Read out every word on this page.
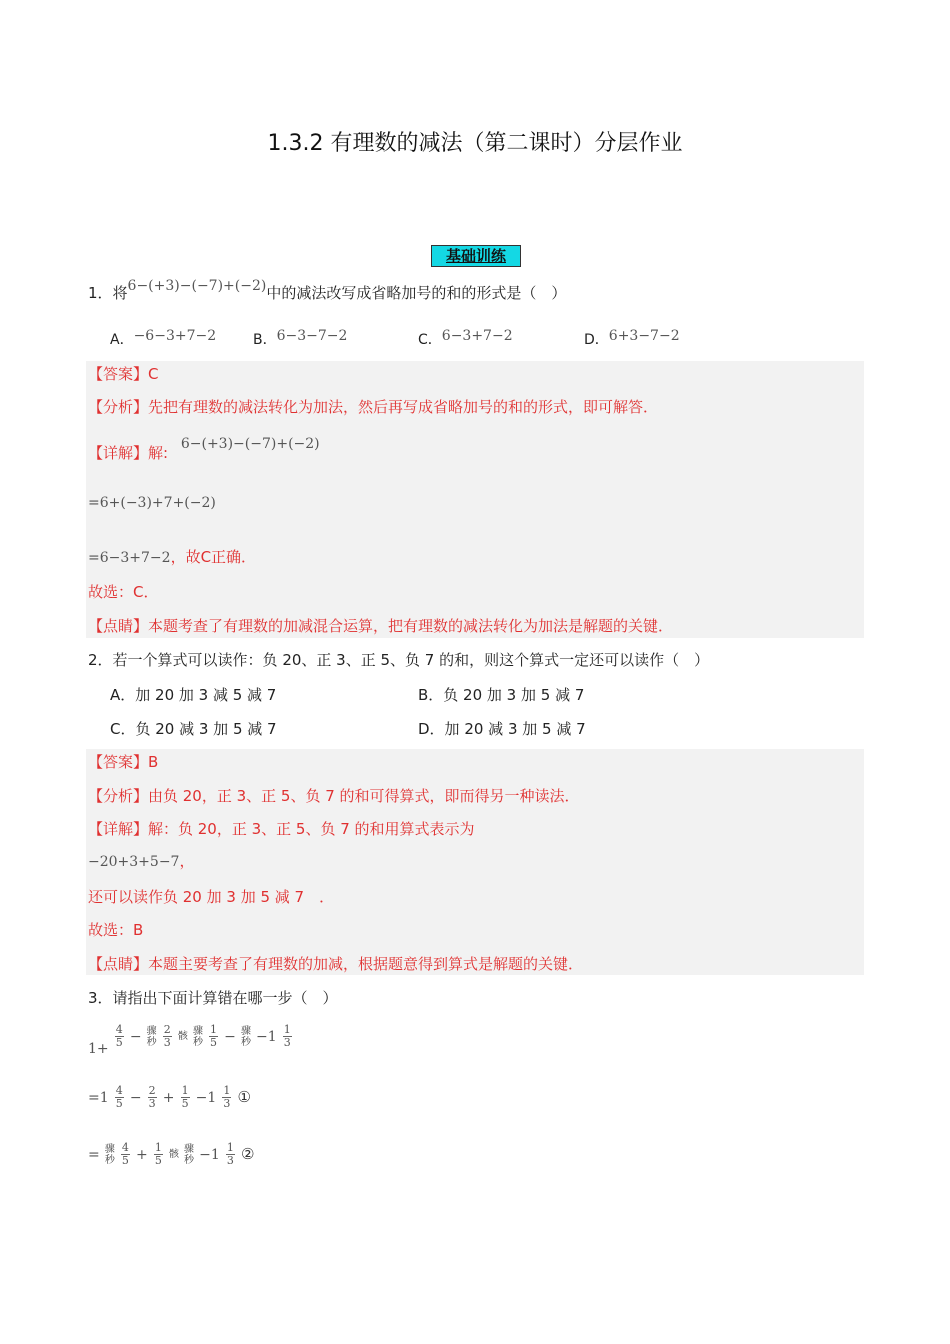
1.3.2 有理数的减法（第二课时）分层作业
基础训练
1．将6−(+3)−(−7)+(−2)中的减法改写成省略加号的和的形式是（　）
A．−6−3+7−2	B．6−3−7−2	C．6−3+7−2	D．6+3−7−2
【答案】C
【分析】先把有理数的减法转化为加法，然后再写成省略加号的和的形式，即可解答．
【详解】解: 6−(+3)−(−7)+(−2)
=6+(−3)+7+(−2)
=6−3+7−2，故C正确．
故选：C．
【点睛】本题考查了有理数的加减混合运算，把有理数的减法转化为加法是解题的关键．
2．若一个算式可以读作：负 20、正 3、正 5、负 7 的和，则这个算式一定还可以读作（　）
A．加 20 加 3 减 5 减 7	B．负 20 加 3 加 5 减 7
C．负 20 减 3 加 5 减 7	D．加 20 减 3 加 5 减 7
【答案】B
【分析】由负 20，正 3、正 5、负 7 的和可得算式，即而得另一种读法．
【详解】解：负 20，正 3、正 5、负 7 的和用算式表示为
−20+3+5−7，
还可以读作负 20 加 3 加 5 减 7　．
故选：B
【点睛】本题主要考查了有理数的加减，根据题意得到算式是解题的关键．
3．请指出下面计算错在哪一步（　）
$1+ \frac{4}{5}$ − 骤
秒 $\frac{2}{3}$ 骸 骤
秒 $\frac{1}{5}$ − 骤
秒 $-1 \frac{1}{3}$
$=1 \frac{4}{5} - \frac{2}{3} + \frac{1}{5} -1 \frac{1}{3}$ ①
= 骤
秒 $\frac{4}{5} + \frac{1}{5}$ 骸 骤
秒 $-1 \frac{1}{3}$ ②
